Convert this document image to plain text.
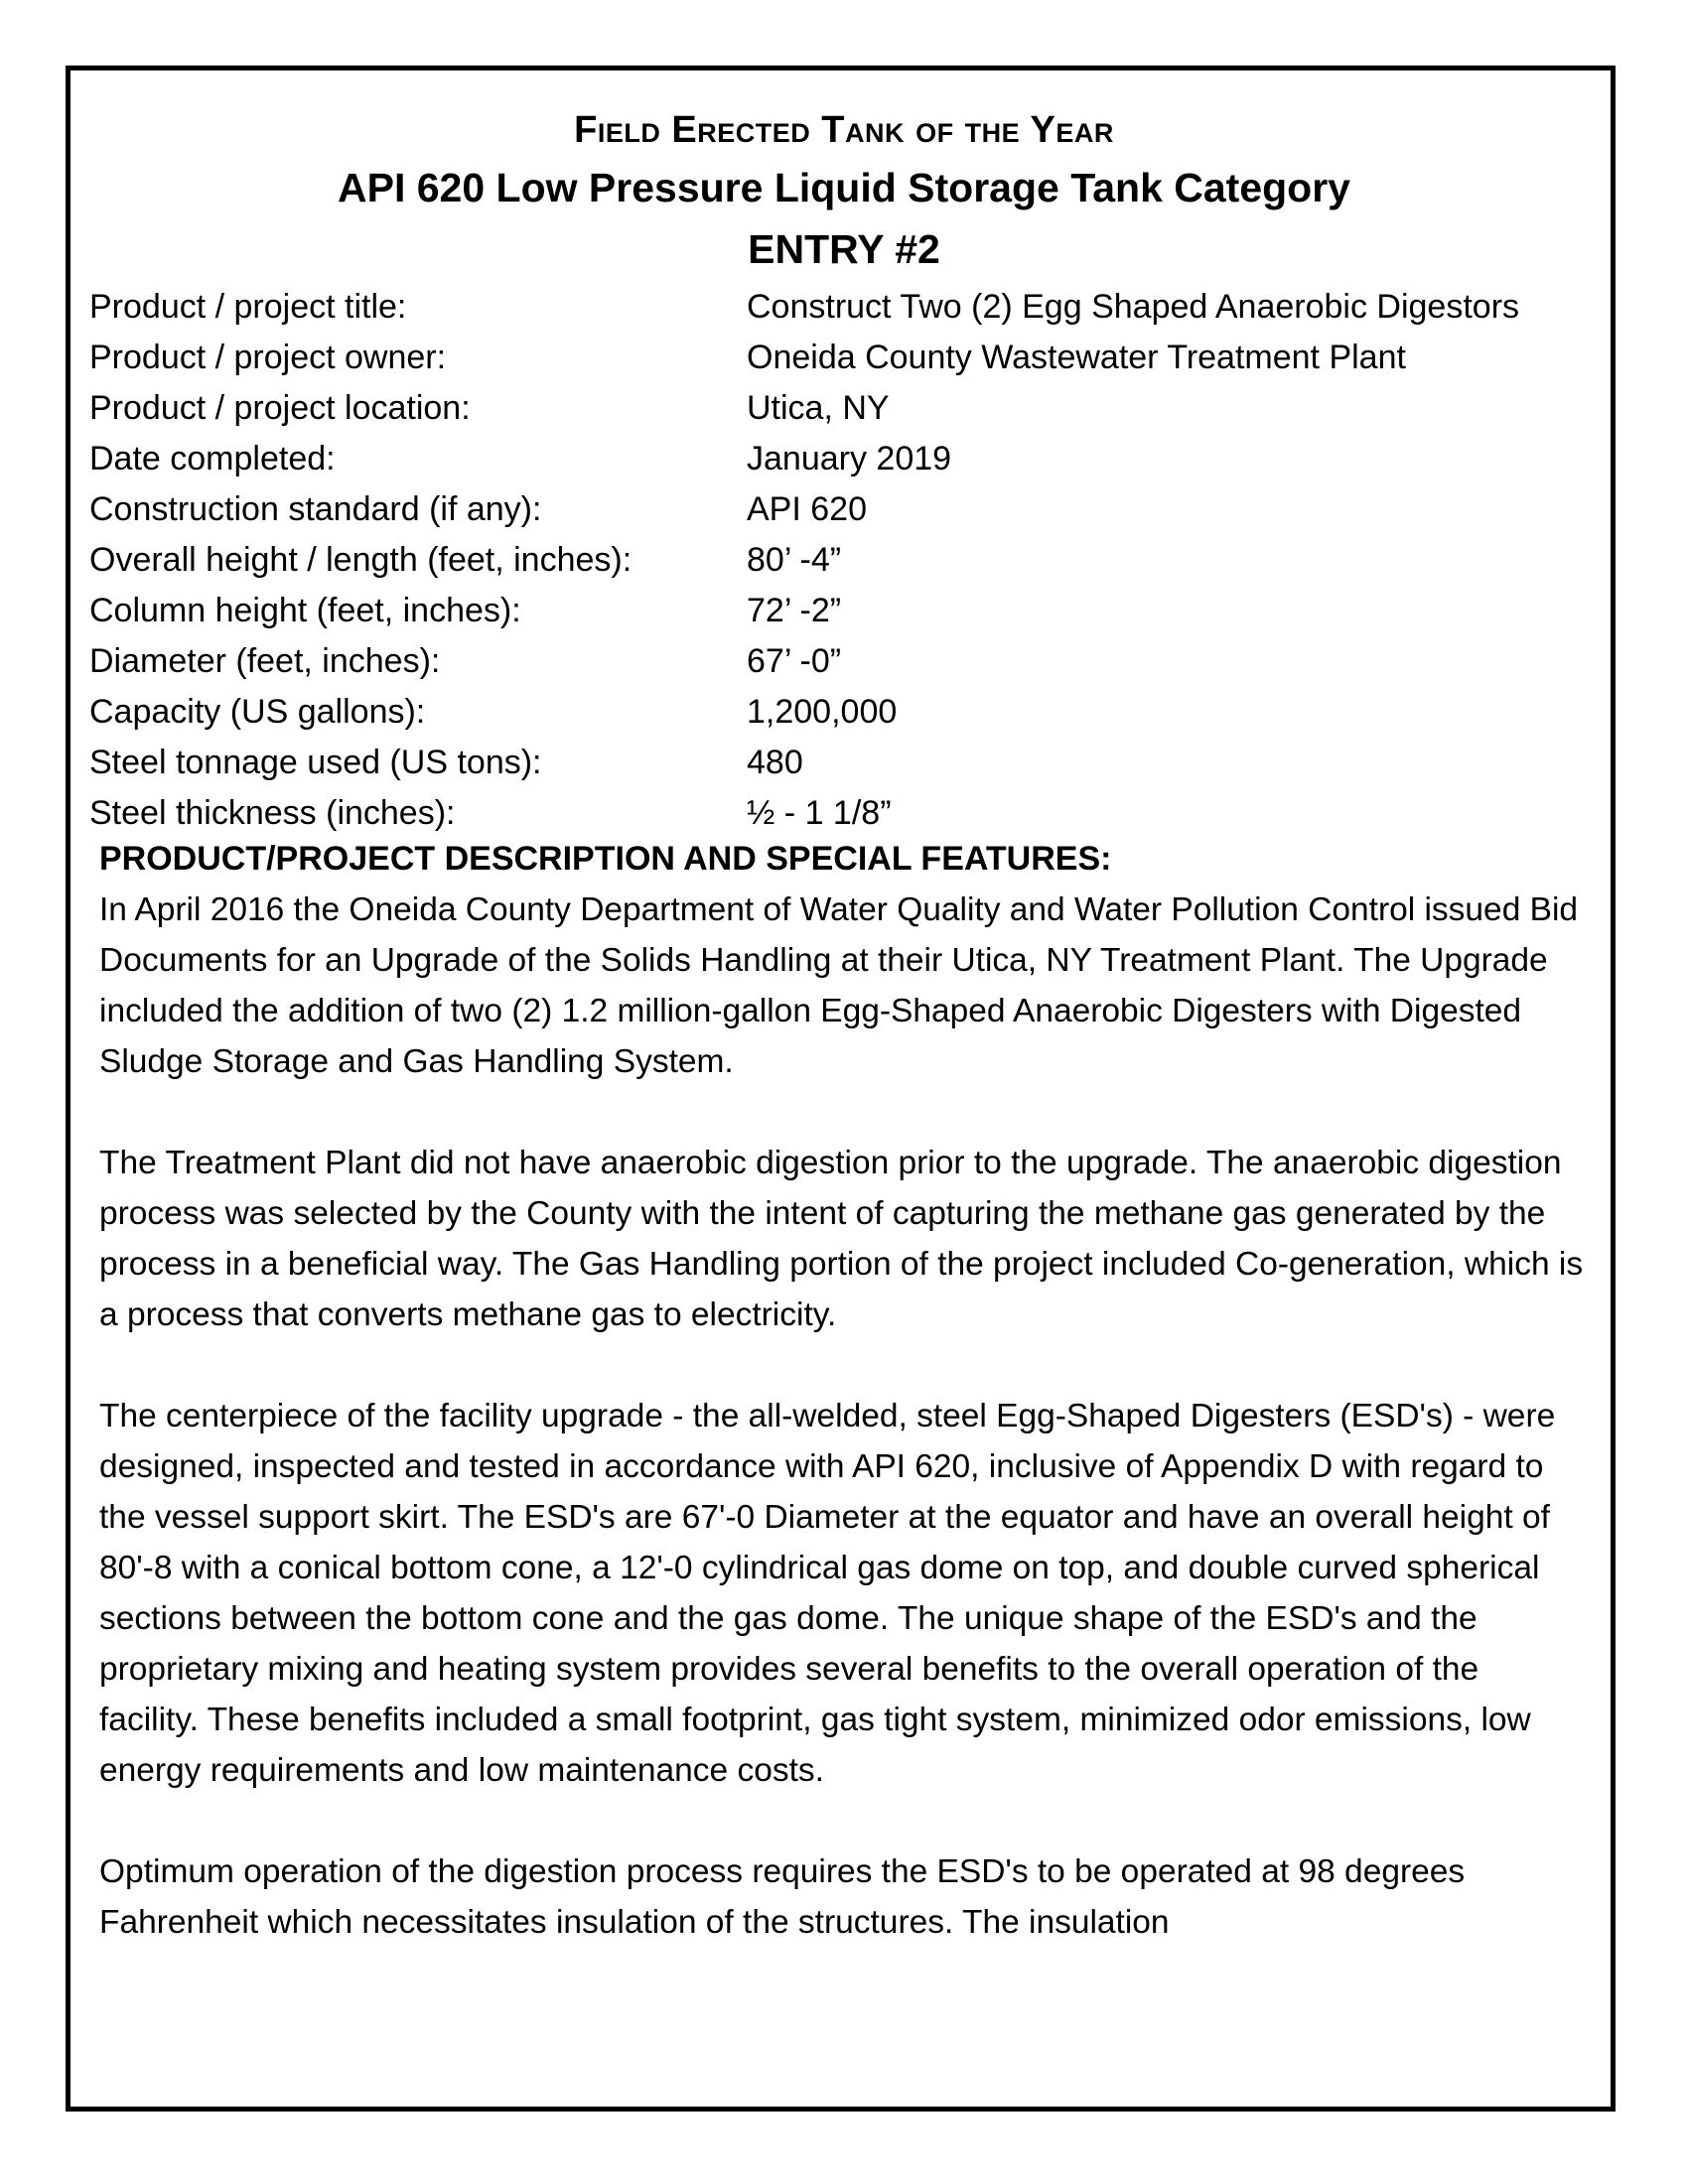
Field Erected Tank of the Year
API 620 Low Pressure Liquid Storage Tank Category
ENTRY #2
Product / project title:	Construct Two (2) Egg Shaped Anaerobic Digestors
Product / project owner:	Oneida County Wastewater Treatment Plant
Product / project location:	Utica, NY
Date completed:	January 2019
Construction standard (if any):	API 620
Overall height / length (feet, inches):	80’ -4”
Column height (feet, inches):	72’ -2”
Diameter (feet, inches):	67’ -0”
Capacity (US gallons):	1,200,000
Steel tonnage used (US tons):	480
Steel thickness (inches):	½ - 1 1/8”
PRODUCT/PROJECT DESCRIPTION AND SPECIAL FEATURES:

In April 2016 the Oneida County Department of Water Quality and Water Pollution Control issued Bid Documents for an Upgrade of the Solids Handling at their Utica, NY Treatment Plant. The Upgrade included the addition of two (2) 1.2 million-gallon Egg-Shaped Anaerobic Digesters with Digested Sludge Storage and Gas Handling System.

The Treatment Plant did not have anaerobic digestion prior to the upgrade. The anaerobic digestion process was selected by the County with the intent of capturing the methane gas generated by the process in a beneficial way. The Gas Handling portion of the project included Co-generation, which is a process that converts methane gas to electricity.

The centerpiece of the facility upgrade - the all-welded, steel Egg-Shaped Digesters (ESD's) - were designed, inspected and tested in accordance with API 620, inclusive of Appendix D with regard to the vessel support skirt. The ESD's are 67'-0 Diameter at the equator and have an overall height of 80'-8 with a conical bottom cone, a 12'-0 cylindrical gas dome on top, and double curved spherical sections between the bottom cone and the gas dome. The unique shape of the ESD's and the proprietary mixing and heating system provides several benefits to the overall operation of the facility. These benefits included a small footprint, gas tight system, minimized odor emissions, low energy requirements and low maintenance costs.

Optimum operation of the digestion process requires the ESD's to be operated at 98 degrees Fahrenheit which necessitates insulation of the structures. The insulation
